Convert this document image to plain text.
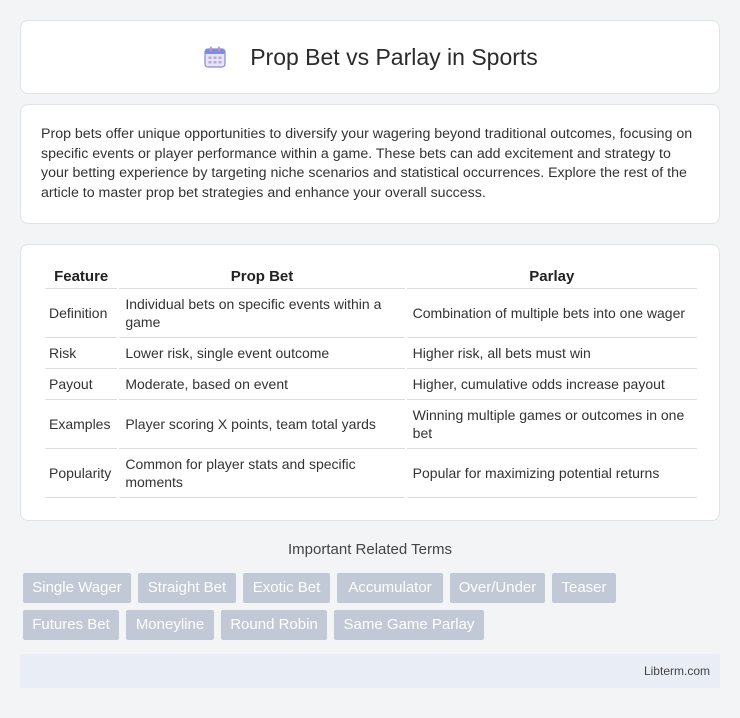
Prop Bet vs Parlay in Sports

Prop bets offer unique opportunities to diversify your wagering beyond traditional outcomes, focusing on specific events or player performance within a game. These bets can add excitement and strategy to your betting experience by targeting niche scenarios and statistical occurrences. Explore the rest of the article to master prop bet strategies and enhance your overall success.

Feature	Prop Bet	Parlay
Definition	Individual bets on specific events within a game	Combination of multiple bets into one wager
Risk	Lower risk, single event outcome	Higher risk, all bets must win
Payout	Moderate, based on event	Higher, cumulative odds increase payout
Examples	Player scoring X points, team total yards	Winning multiple games or outcomes in one bet
Popularity	Common for player stats and specific moments	Popular for maximizing potential returns
Important Related Terms
Single Wager	Straight Bet	Exotic Bet	Accumulator	Over/Under	Teaser
Futures Bet	Moneyline	Round Robin	Same Game Parlay
Libterm.com
